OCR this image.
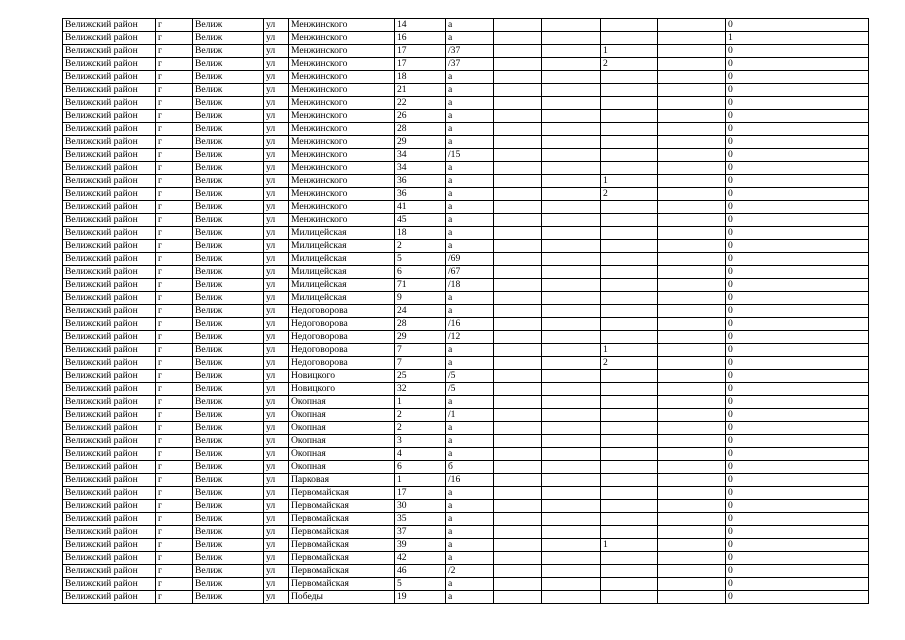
Велижский район	г	Велиж	ул	Менжинского	14	а					0
Велижский район	г	Велиж	ул	Менжинского	16	а					1
Велижский район	г	Велиж	ул	Менжинского	17	/37			1		0
Велижский район	г	Велиж	ул	Менжинского	17	/37			2		0
Велижский район	г	Велиж	ул	Менжинского	18	а					0
Велижский район	г	Велиж	ул	Менжинского	21	а					0
Велижский район	г	Велиж	ул	Менжинского	22	а					0
Велижский район	г	Велиж	ул	Менжинского	26	а					0
Велижский район	г	Велиж	ул	Менжинского	28	а					0
Велижский район	г	Велиж	ул	Менжинского	29	а					0
Велижский район	г	Велиж	ул	Менжинского	34	/15					0
Велижский район	г	Велиж	ул	Менжинского	34	а					0
Велижский район	г	Велиж	ул	Менжинского	36	а			1		0
Велижский район	г	Велиж	ул	Менжинского	36	а			2		0
Велижский район	г	Велиж	ул	Менжинского	41	а					0
Велижский район	г	Велиж	ул	Менжинского	45	а					0
Велижский район	г	Велиж	ул	Милицейская	18	а					0
Велижский район	г	Велиж	ул	Милицейская	2	а					0
Велижский район	г	Велиж	ул	Милицейская	5	/69					0
Велижский район	г	Велиж	ул	Милицейская	6	/67					0
Велижский район	г	Велиж	ул	Милицейская	71	/18					0
Велижский район	г	Велиж	ул	Милицейская	9	а					0
Велижский район	г	Велиж	ул	Недоговорова	24	а					0
Велижский район	г	Велиж	ул	Недоговорова	28	/16					0
Велижский район	г	Велиж	ул	Недоговорова	29	/12					0
Велижский район	г	Велиж	ул	Недоговорова	7	а			1		0
Велижский район	г	Велиж	ул	Недоговорова	7	а			2		0
Велижский район	г	Велиж	ул	Новицкого	25	/5					0
Велижский район	г	Велиж	ул	Новицкого	32	/5					0
Велижский район	г	Велиж	ул	Окопная	1	а					0
Велижский район	г	Велиж	ул	Окопная	2	/1					0
Велижский район	г	Велиж	ул	Окопная	2	а					0
Велижский район	г	Велиж	ул	Окопная	3	а					0
Велижский район	г	Велиж	ул	Окопная	4	а					0
Велижский район	г	Велиж	ул	Окопная	6	б					0
Велижский район	г	Велиж	ул	Парковая	1	/16					0
Велижский район	г	Велиж	ул	Первомайская	17	а					0
Велижский район	г	Велиж	ул	Первомайская	30	а					0
Велижский район	г	Велиж	ул	Первомайская	35	а					0
Велижский район	г	Велиж	ул	Первомайская	37	а					0
Велижский район	г	Велиж	ул	Первомайская	39	а			1		0
Велижский район	г	Велиж	ул	Первомайская	42	а					0
Велижский район	г	Велиж	ул	Первомайская	46	/2					0
Велижский район	г	Велиж	ул	Первомайская	5	а					0
Велижский район	г	Велиж	ул	Победы	19	а					0
